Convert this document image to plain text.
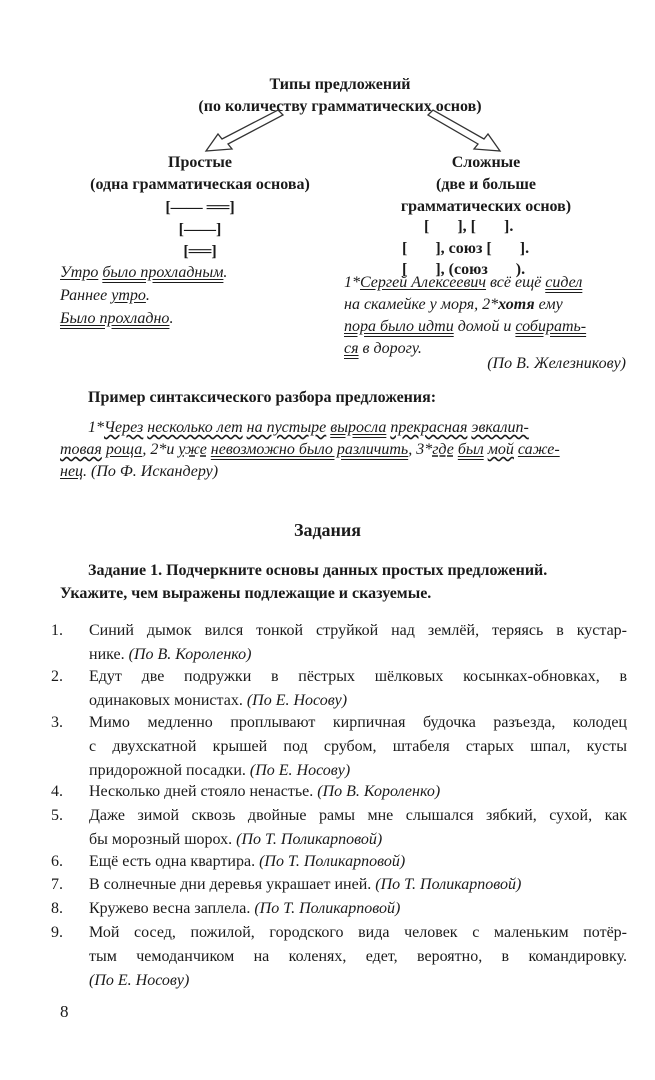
Типы предложений
(по количеству грамматических основ)
Простые
(одна грамматическая основа)
[—— ══]
[——]
[══]
Утро было прохладным.
Раннее утро.
Было прохладно.
Сложные
(две и больше
грамматических основ)
[       ], [       ].
[       ], союз [       ].
[       ], (союз       ).
1*Сергей Алексеевич всё ещё сидел
на скамейке у моря, 2*хотя ему
пора было идти домой и собирать-
ся в дорогу.
(По В. Железникову)
Пример синтаксического разбора предложения:
1*Через несколько лет на пустыре выросла прекрасная эвкалип-
товая роща, 2*и уже невозможно было различить, 3*где был мой саже-
нец. (По Ф. Искандеру)
Задания
Задание 1. Подчеркните основы данных простых предложений.
Укажите, чем выражены подлежащие и сказуемые.
1.	Синий дымок вился тонкой струйкой над землёй, теряясь в кустар-
нике. (По В. Короленко)
2.	Едут две подружки в пёстрых шёлковых косынках-обновках, в
одинаковых монистах. (По Е. Носову)
3.	Мимо медленно проплывают кирпичная будочка разъезда, колодец
с двухскатной крышей под срубом, штабеля старых шпал, кусты
придорожной посадки. (По Е. Носову)
4.	Несколько дней стояло ненастье. (По В. Короленко)
5.	Даже зимой сквозь двойные рамы мне слышался зябкий, сухой, как
бы морозный шорох. (По Т. Поликарповой)
6.	Ещё есть одна квартира. (По Т. Поликарповой)
7.	В солнечные дни деревья украшает иней. (По Т. Поликарповой)
8.	Кружево весна заплела. (По Т. Поликарповой)
9.	Мой сосед, пожилой, городского вида человек с маленьким потёр-
тым чемоданчиком на коленях, едет, вероятно, в командировку.
(По Е. Носову)
8
